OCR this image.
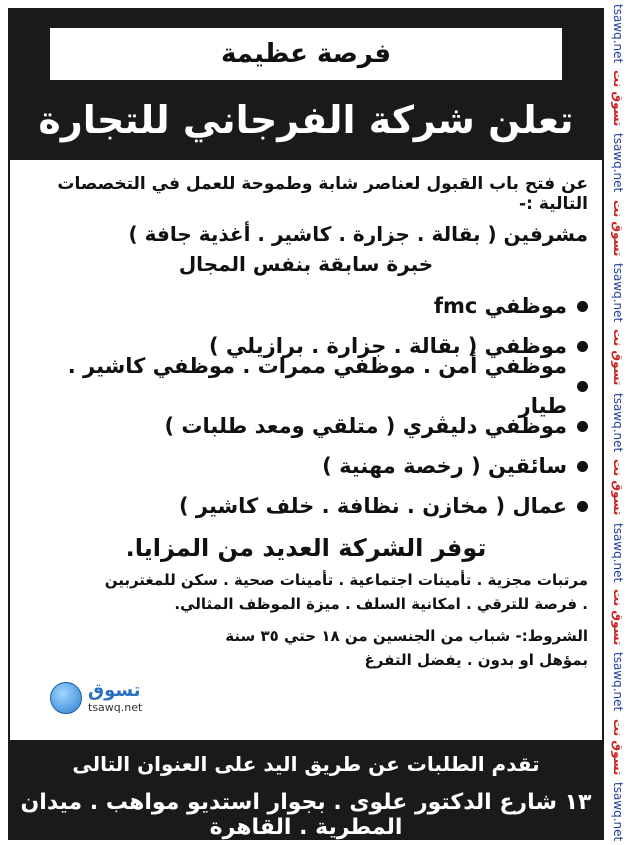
فرصة عظيمة
تعلن شركة الفرجاني للتجارة
عن فتح باب القبول لعناصر شابة وطموحة للعمل في التخصصات التالية :-
مشرفين ( بقالة . جزارة . كاشير . أغذية جافة )
خبرة سابقة بنفس المجال
موظفي fmc
موظفي ( بقالة . جزارة . برازيلي )
موظفي أمن . موظفي ممرات . موظفي كاشير . طيار
موظفي دليڤري ( متلقي ومعد طلبات )
سائقين ( رخصة مهنية )
عمال ( مخازن . نظافة . خلف كاشير )
توفر الشركة العديد من المزايا.
مرتبات مجزية . تأمينات اجتماعية . تأمينات صحية . سكن للمغتربين
. فرصة للترقي . امكانية السلف . ميزة الموظف المثالي.
الشروط:- شباب من الجنسين من ١٨ حتي ٣٥ سنة
بمؤهل او بدون . يفضل التفرغ
تسوق
tsawq.net
تقدم الطلبات عن طريق اليد على العنوان التالى
١٣ شارع الدكتور علوى . بجوار استديو مواهب . ميدان المطرية . القاهرة
tsawq.net
تسوق نت
tsawq.net
تسوق نت
tsawq.net
تسوق نت
tsawq.net
تسوق نت
tsawq.net
تسوق نت
tsawq.net
تسوق نت
tsawq.net
